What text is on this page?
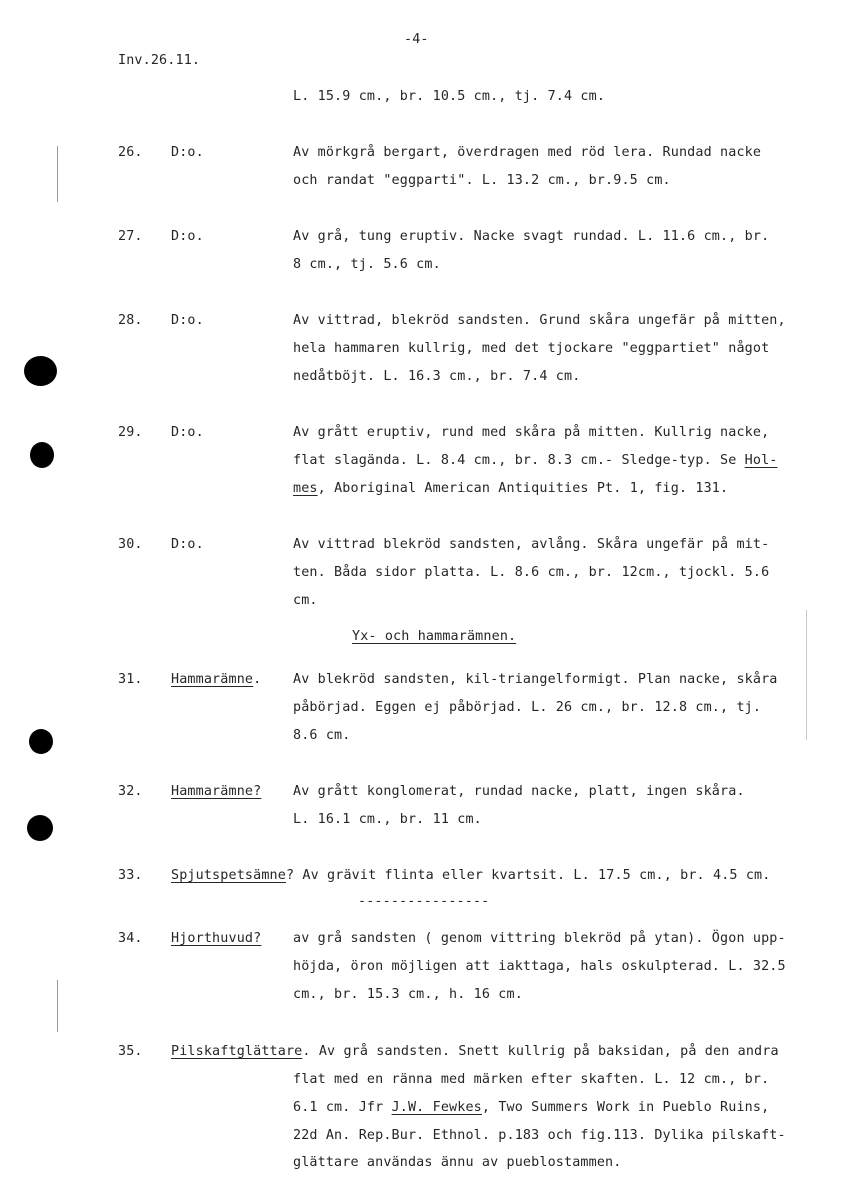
-4-
Inv.26.11.
L. 15.9 cm., br. 10.5 cm., tj. 7.4 cm.
26. D:o.	Av mörkgrå bergart, överdragen med röd lera. Rundad nacke
och randat "eggparti". L. 13.2 cm., br.9.5 cm.
27. D:o.	Av grå, tung eruptiv. Nacke svagt rundad. L. 11.6 cm., br.
8 cm., tj. 5.6 cm.
28. D:o.	Av vittrad, blekröd sandsten. Grund skåra ungefär på mitten,
hela hammaren kullrig, med det tjockare "eggpartiet" något
nedåtböjt. L. 16.3 cm., br. 7.4 cm.
29. D:o.	Av grått eruptiv, rund med skåra på mitten. Kullrig nacke,
flat slagända. L. 8.4 cm., br. 8.3 cm.- Sledge-typ. Se Hol-
mes, Aboriginal American Antiquities Pt. 1, fig. 131.
30. D:o.	Av vittrad blekröd sandsten, avlång. Skåra ungefär på mit-
ten. Båda sidor platta. L. 8.6 cm., br. 12cm., tjockl. 5.6
cm.
Yx- och hammarämnen.
31. Hammarämne. Av blekröd sandsten, kil-triangelformigt. Plan nacke, skåra
påbörjad. Eggen ej påbörjad. L. 26 cm., br. 12.8 cm., tj.
8.6 cm.
32. Hammarämne? Av grått konglomerat, rundad nacke, platt, ingen skåra.
L. 16.1 cm., br. 11 cm.
33. Spjutspetsämne? Av grävit flinta eller kvartsit. L. 17.5 cm., br. 4.5 cm.
----------------
34. Hjorthuvud? av grå sandsten ( genom vittring blekröd på ytan). Ögon upp-
höjda, öron möjligen att iakttaga, hals oskulpterad. L. 32.5
cm., br. 15.3 cm., h. 16 cm.
35. Pilskaftglättare. Av grå sandsten. Snett kullrig på baksidan, på den andra
flat med en ränna med märken efter skaften. L. 12 cm., br.
6.1 cm. Jfr J.W. Fewkes, Two Summers Work in Pueblo Ruins,
22d An. Rep.Bur. Ethnol. p.183 och fig.113. Dylika pilskaft-
glättare användas ännu av pueblostammen.
